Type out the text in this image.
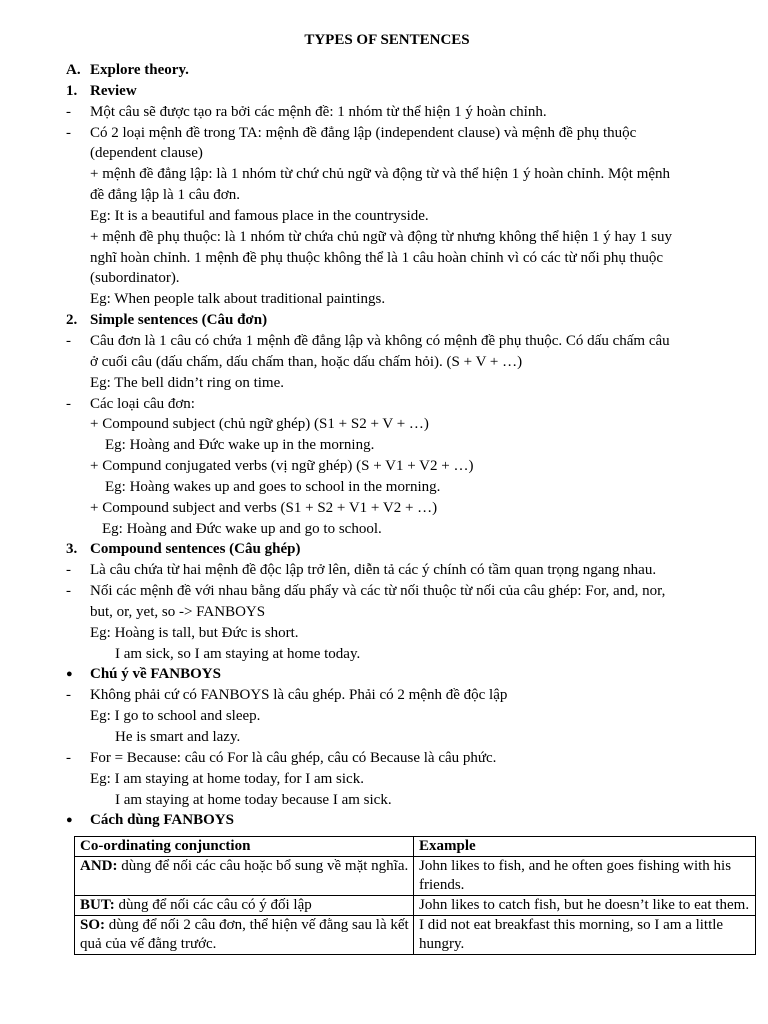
TYPES OF SENTENCES
A. Explore theory.
1. Review
- Một câu sẽ được tạo ra bởi các mệnh đề: 1 nhóm từ thể hiện 1 ý hoàn chỉnh.
- Có 2 loại mệnh đề trong TA: mệnh đề đẳng lập (independent clause) và mệnh đề phụ thuộc
(dependent clause)
+ mệnh đề đẳng lập: là 1 nhóm từ chứ chủ ngữ và động từ và thể hiện 1 ý hoàn chỉnh. Một mệnh
đề đẳng lập là 1 câu đơn.
Eg: It is a beautiful and famous place in the countryside.
+ mệnh đề phụ thuộc: là 1 nhóm từ chứa chủ ngữ và động từ nhưng không thể hiện 1 ý hay 1 suy
nghĩ hoàn chỉnh. 1 mệnh đề phụ thuộc không thể là 1 câu hoàn chỉnh vì có các từ nối phụ thuộc
(subordinator).
Eg: When people talk about traditional paintings.
2. Simple sentences (Câu đơn)
- Câu đơn là 1 câu có chứa 1 mệnh đề đẳng lập và không có mệnh đề phụ thuộc. Có dấu chấm câu
ở cuối câu (dấu chấm, dấu chấm than, hoặc dấu chấm hỏi). (S + V + …)
Eg: The bell didn’t ring on time.
- Các loại câu đơn:
+ Compound subject (chủ ngữ ghép) (S1 + S2 + V + …)
Eg: Hoàng and Đức wake up in the morning.
+ Compund conjugated verbs (vị ngữ ghép) (S + V1 + V2 + …)
Eg: Hoàng wakes up and goes to school in the morning.
+ Compound subject and verbs (S1 + S2 + V1 + V2 + …)
Eg: Hoàng and Đức wake up and go to school.
3. Compound sentences (Câu ghép)
- Là câu chứa từ hai mệnh đề độc lập trở lên, diễn tả các ý chính có tầm quan trọng ngang nhau.
- Nối các mệnh đề với nhau bằng dấu phẩy và các từ nối thuộc từ nối của câu ghép: For, and, nor,
but, or, yet, so -> FANBOYS
Eg: Hoàng is tall, but Đức is short.
I am sick, so I am staying at home today.
● Chú ý về FANBOYS
- Không phải cứ có FANBOYS là câu ghép. Phải có 2 mệnh đề độc lập
Eg: I go to school and sleep.
He is smart and lazy.
- For = Because: câu có For là câu ghép, câu có Because là câu phức.
Eg: I am staying at home today, for I am sick.
I am staying at home today because I am sick.
● Cách dùng FANBOYS
Co-ordinating conjunction	Example
AND: dùng để nối các câu hoặc bổ sung về mặt nghĩa.	John likes to fish, and he often goes fishing with his friends.
BUT: dùng để nối các câu có ý đối lập	John likes to catch fish, but he doesn’t like to eat them.
SO: dùng để nối 2 câu đơn, thể hiện vế đằng sau là kết quả của vế đằng trước.	I did not eat breakfast this morning, so I am a little hungry.
